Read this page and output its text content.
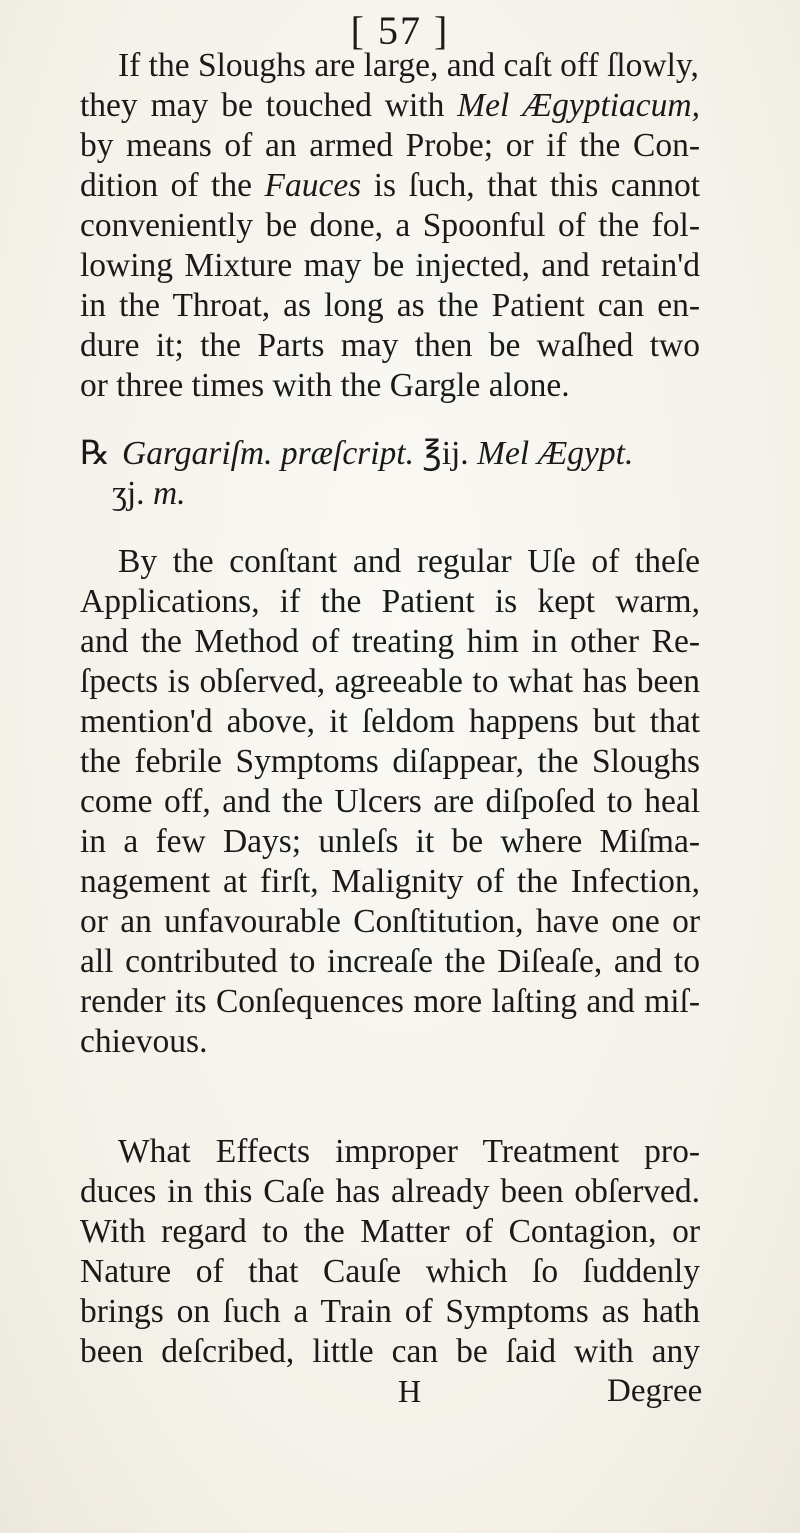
[ 57 ]
If the Sloughs are large, and caſt off ſlowly,
they may be touched with Mel Ægyptiacum,
by means of an armed Probe; or if the Con-
dition of the Fauces is ſuch, that this cannot
conveniently be done, a Spoonful of the fol-
lowing Mixture may be injected, and retain'd
in the Throat, as long as the Patient can en-
dure it; the Parts may then be waſhed two
or three times with the Gargle alone.
℞ Gargariſm. præſcript. ℥ij. Mel Ægypt.
ʒj. m.
By the conſtant and regular Uſe of theſe
Applications, if the Patient is kept warm,
and the Method of treating him in other Re-
ſpects is obſerved, agreeable to what has been
mention'd above, it ſeldom happens but that
the febrile Symptoms diſappear, the Sloughs
come off, and the Ulcers are diſpoſed to heal
in a few Days; unleſs it be where Miſma-
nagement at firſt, Malignity of the Infection,
or an unfavourable Conſtitution, have one or
all contributed to increaſe the Diſeaſe, and to
render its Conſequences more laſting and miſ-
chievous.
What Effects improper Treatment pro-
duces in this Caſe has already been obſerved.
With regard to the Matter of Contagion, or
Nature of that Cauſe which ſo ſuddenly
brings on ſuch a Train of Symptoms as hath
been deſcribed, little can be ſaid with any
H	Degree
